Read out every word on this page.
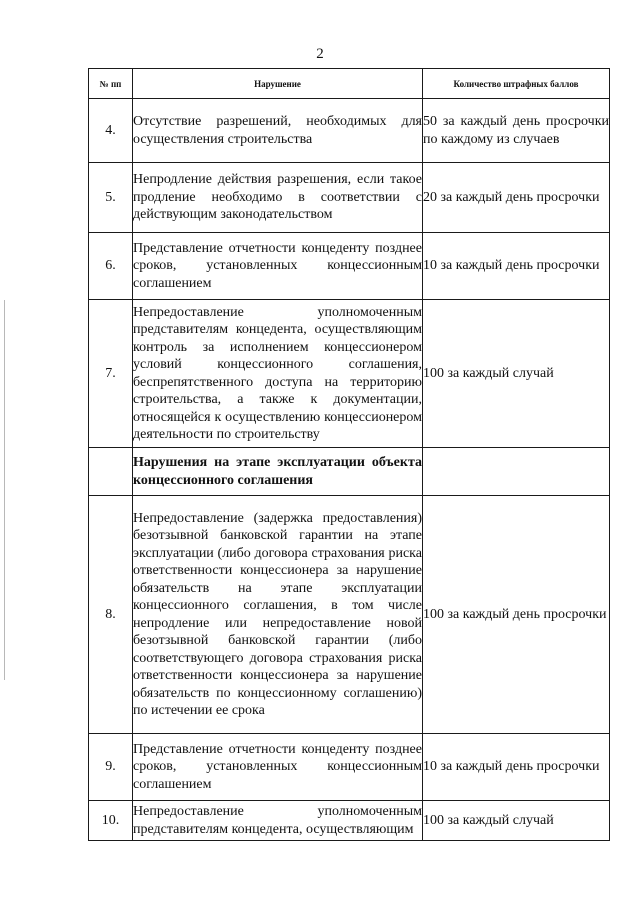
2
№ пп	Нарушение	Количество штрафных баллов
4.	Отсутствие разрешений, необходимых для осуществления строительства	50 за каждый день просрочки по каждому из случаев
5.	Непродление действия разрешения, если такое продление необходимо в соответствии с действующим законодательством	20 за каждый день просрочки
6.	Представление отчетности концеденту позднее сроков, установленных концессионным соглашением	10 за каждый день просрочки
7.	Непредоставление уполномоченным представителям концедента, осуществляющим контроль за исполнением концессионером условий концессионного соглашения, беспрепятственного доступа на территорию строительства, а также к документации, относящейся к осуществлению концессионером деятельности по строительству	100 за каждый случай
	Нарушения на этапе эксплуатации объекта концессионного соглашения	
8.	Непредоставление (задержка предоставления) безотзывной банковской гарантии на этапе эксплуатации (либо договора страхования риска ответственности концессионера за нарушение обязательств на этапе эксплуатации концессионного соглашения, в том числе непродление или непредоставление новой безотзывной банковской гарантии (либо соответствующего договора страхования риска ответственности концессионера за нарушение обязательств по концессионному соглашению) по истечении ее срока	100 за каждый день просрочки
9.	Представление отчетности концеденту позднее сроков, установленных концессионным соглашением	10 за каждый день просрочки
10.	Непредоставление уполномоченным представителям концедента, осуществляющим	100 за каждый случай
